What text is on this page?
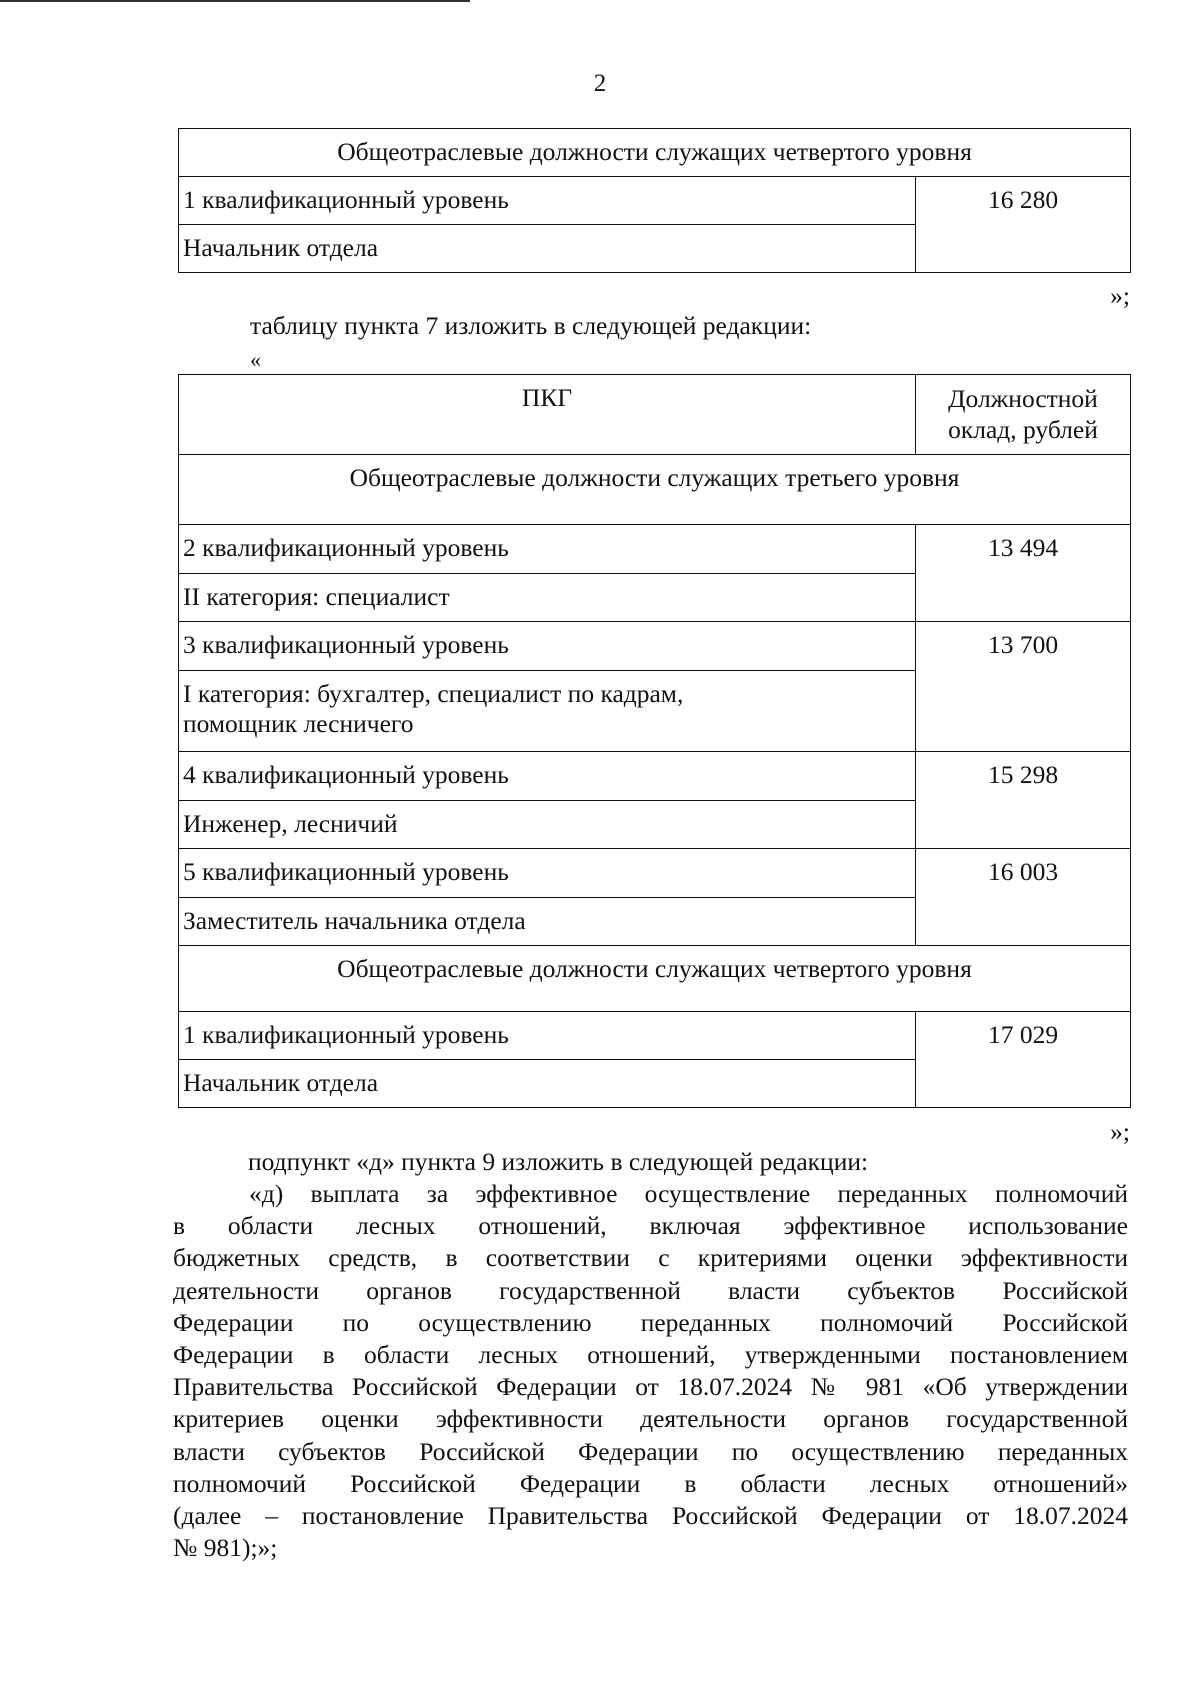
2
Общеотраслевые должности служащих четвертого уровня
1 квалификационный уровень	16 280
Начальник отдела
»;
таблицу пункта 7 изложить в следующей редакции:
«
ПКГ	Должностной
оклад, рублей
Общеотраслевые должности служащих третьего уровня	
2 квалификационный уровень	13 494
II категория: специалист	
3 квалификационный уровень	13 700
I категория: бухгалтер, специалист по кадрам,
помощник лесничего	
4 квалификационный уровень	15 298
Инженер, лесничий	
5 квалификационный уровень	16 003
Заместитель начальника отдела	
Общеотраслевые должности служащих четвертого уровня	
1 квалификационный уровень	17 029
Начальник отдела	
»;
подпункт «д» пункта 9 изложить в следующей редакции:
«д) выплата за эффективное осуществление переданных полномочий
в области лесных отношений, включая эффективное использование
бюджетных средств, в соответствии с критериями оценки эффективности
деятельности органов государственной власти субъектов Российской
Федерации по осуществлению переданных полномочий Российской
Федерации в области лесных отношений, утвержденными постановлением
Правительства Российской Федерации от 18.07.2024 № 981 «Об утверждении
критериев оценки эффективности деятельности органов государственной
власти субъектов Российской Федерации по осуществлению переданных
полномочий Российской Федерации в области лесных отношений»
(далее – постановление Правительства Российской Федерации от 18.07.2024
№ 981);»;
